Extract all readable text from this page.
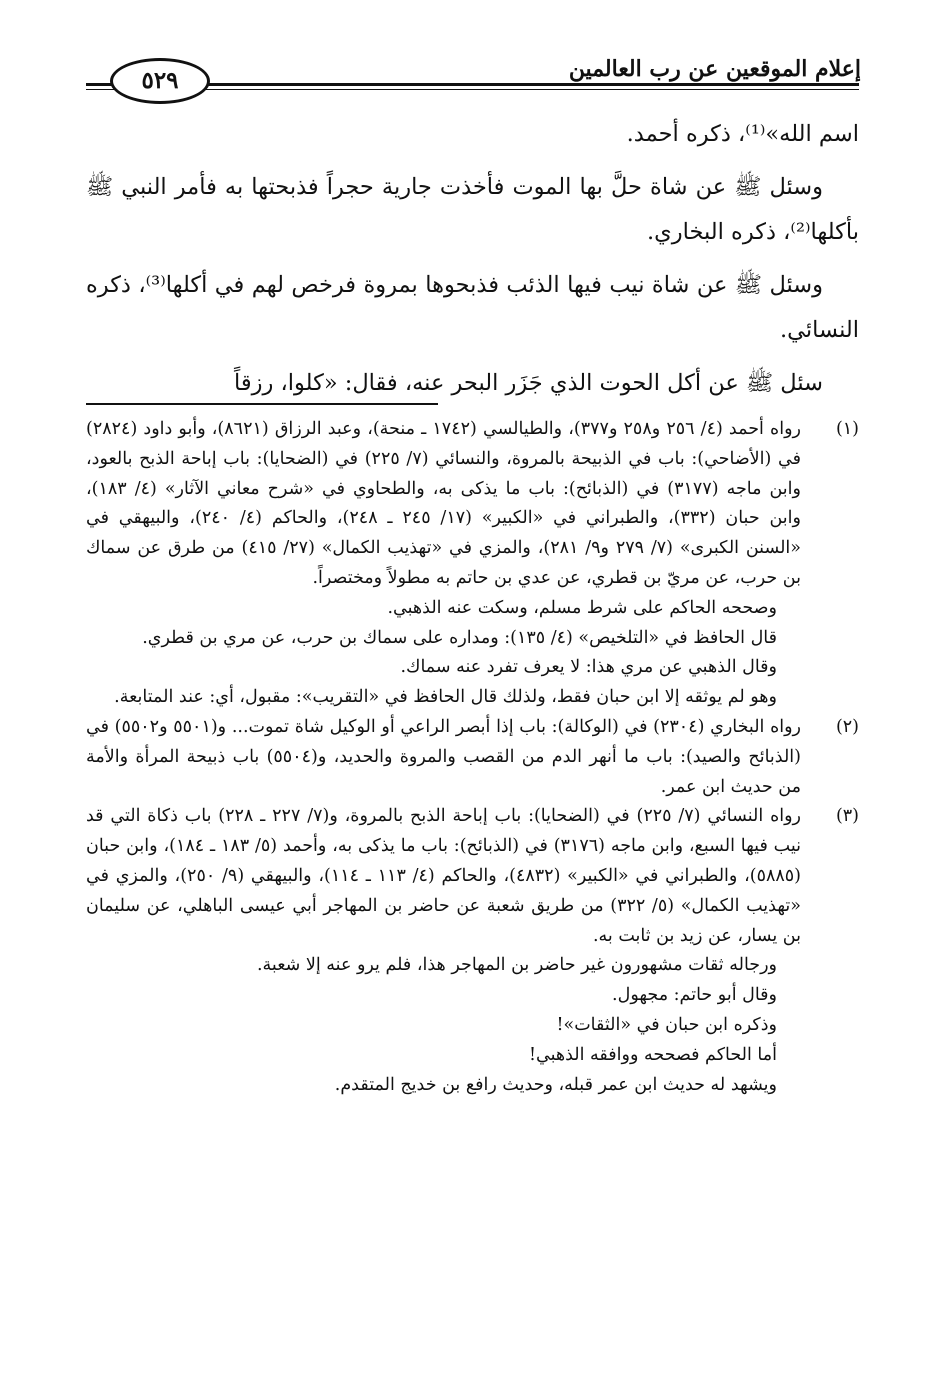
إعلام الموقعين عن رب العالمين
٥٢٩

اسم الله»⁽¹⁾، ذكره أحمد.

وسئل ﷺ عن شاة حلَّ بها الموت فأخذت جارية حجراً فذبحتها به فأمر النبي ﷺ بأكلها⁽²⁾، ذكره البخاري.

وسئل ﷺ عن شاة نيب فيها الذئب فذبحوها بمروة فرخص لهم في أكلها⁽³⁾، ذكره النسائي.

سئل ﷺ عن أكل الحوت الذي جَزَر البحر عنه، فقال: «كلوا، رزقاً

(١)

رواه أحمد (٤/ ٢٥٦ و٢٥٨ و٣٧٧)، والطيالسي (١٧٤٢ ـ منحة)، وعبد الرزاق (٨٦٢١)، وأبو داود (٢٨٢٤) في (الأضاحي): باب في الذبيحة بالمروة، والنسائي (٧/ ٢٢٥) في (الضحايا): باب إباحة الذبح بالعود، وابن ماجه (٣١٧٧) في (الذبائح): باب ما يذكى به، والطحاوي في «شرح معاني الآثار» (٤/ ١٨٣)، وابن حبان (٣٣٢)، والطبراني في «الكبير» (١٧/ ٢٤٥ ـ ٢٤٨)، والحاكم (٤/ ٢٤٠)، والبيهقي في «السنن الكبرى» (٧/ ٢٧٩ و٩/ ٢٨١)، والمزي في «تهذيب الكمال» (٢٧/ ٤١٥) من طرق عن سماك بن حرب، عن مريّ بن قطري، عن عدي بن حاتم به مطولاً ومختصراً.

وصححه الحاكم على شرط مسلم، وسكت عنه الذهبي.

قال الحافظ في «التلخيص» (٤/ ١٣٥): ومداره على سماك بن حرب، عن مري بن قطري.

وقال الذهبي عن مري هذا: لا يعرف تفرد عنه سماك.

وهو لم يوثقه إلا ابن حبان فقط، ولذلك قال الحافظ في «التقريب»: مقبول، أي: عند المتابعة.

(٢)

رواه البخاري (٢٣٠٤) في (الوكالة): باب إذا أبصر الراعي أو الوكيل شاة تموت... و(٥٥٠١ و٥٥٠٢) في (الذبائح والصيد): باب ما أنهر الدم من القصب والمروة والحديد، و(٥٥٠٤) باب ذبيحة المرأة والأمة من حديث ابن عمر.

(٣)

رواه النسائي (٧/ ٢٢٥) في (الضحايا): باب إباحة الذبح بالمروة، و(٧/ ٢٢٧ ـ ٢٢٨) باب ذكاة التي قد نيب فيها السبع، وابن ماجه (٣١٧٦) في (الذبائح): باب ما يذكى به، وأحمد (٥/ ١٨٣ ـ ١٨٤)، وابن حبان (٥٨٨٥)، والطبراني في «الكبير» (٤٨٣٢)، والحاكم (٤/ ١١٣ ـ ١١٤)، والبيهقي (٩/ ٢٥٠)، والمزي في «تهذيب الكمال» (٥/ ٣٢٢) من طريق شعبة عن حاضر بن المهاجر أبي عيسى الباهلي، عن سليمان بن يسار، عن زيد بن ثابت به.

ورجاله ثقات مشهورون غير حاضر بن المهاجر هذا، فلم يرو عنه إلا شعبة.

وقال أبو حاتم: مجهول.

وذكره ابن حبان في «الثقات»!

أما الحاكم فصححه ووافقه الذهبي!

ويشهد له حديث ابن عمر قبله، وحديث رافع بن خديج المتقدم.
